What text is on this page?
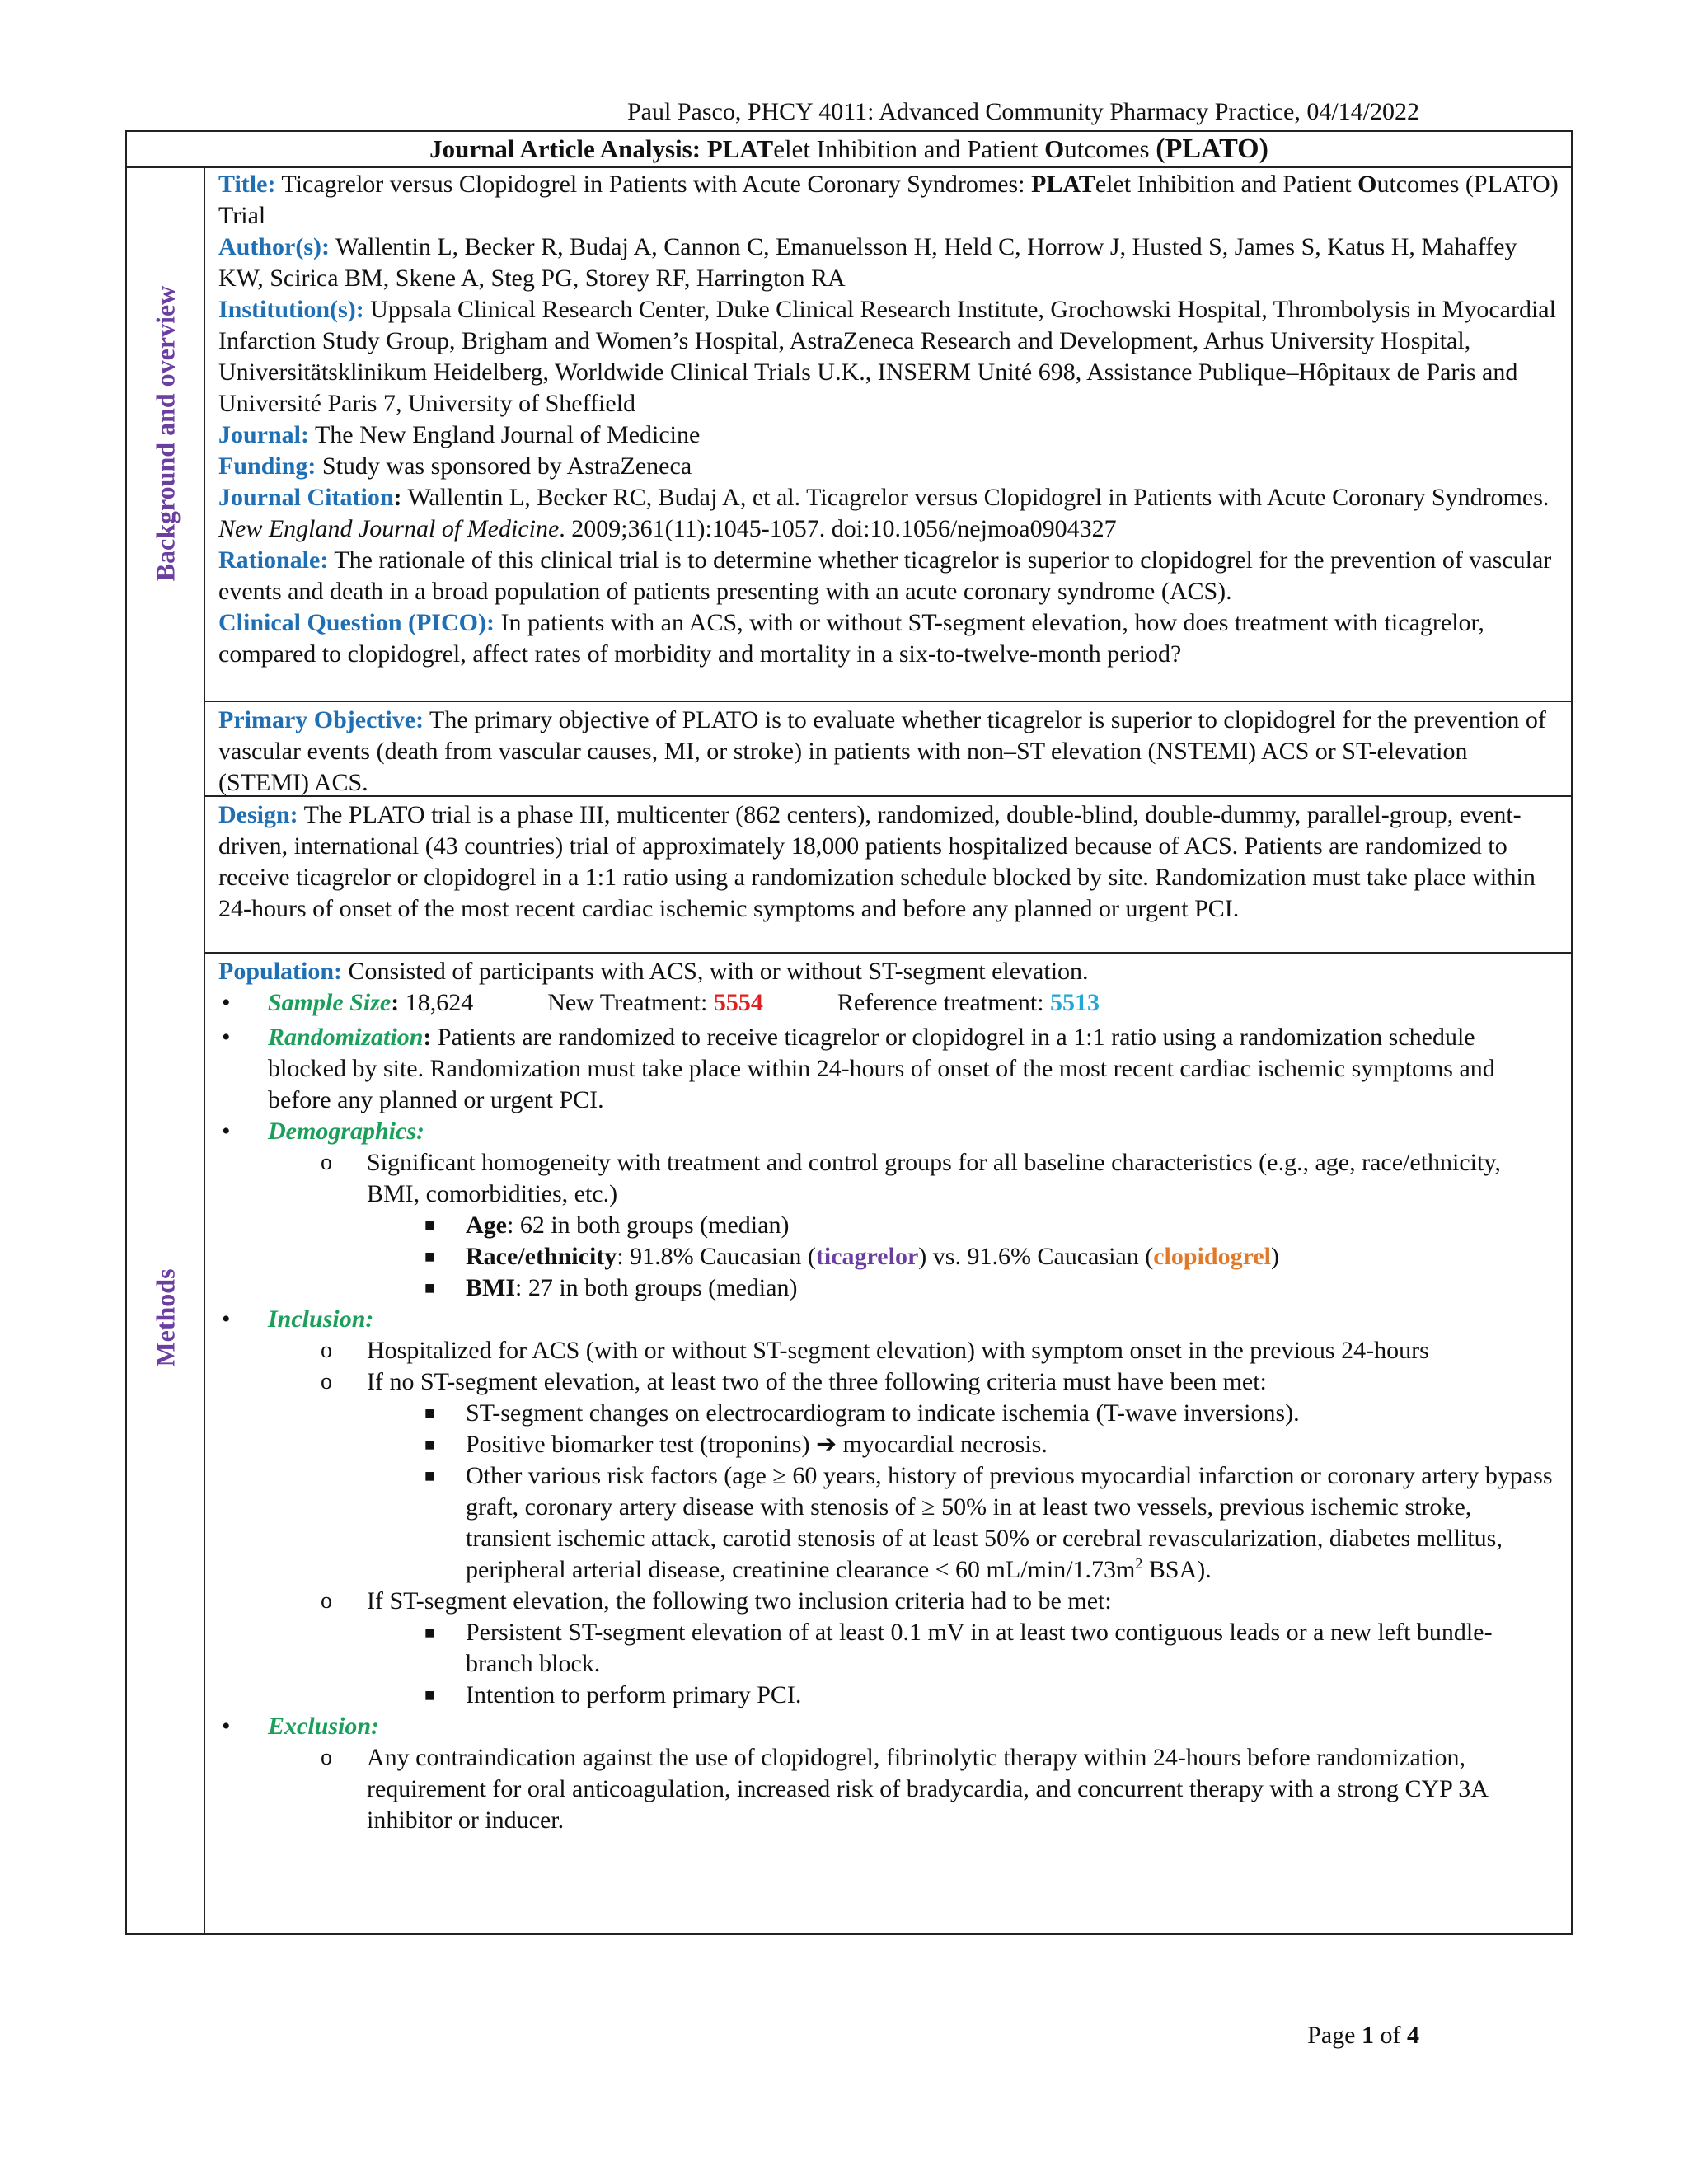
Paul Pasco, PHCY 4011: Advanced Community Pharmacy Practice, 04/14/2022
Journal Article Analysis: PLATelet Inhibition and Patient Outcomes (PLATO)
Background and overview
Methods
Title: Ticagrelor versus Clopidogrel in Patients with Acute Coronary Syndromes: PLATelet Inhibition and Patient Outcomes (PLATO) Trial
Author(s): Wallentin L, Becker R, Budaj A, Cannon C, Emanuelsson H, Held C, Horrow J, Husted S, James S, Katus H, Mahaffey KW, Scirica BM, Skene A, Steg PG, Storey RF, Harrington RA
Institution(s): Uppsala Clinical Research Center, Duke Clinical Research Institute, Grochowski Hospital, Thrombolysis in Myocardial Infarction Study Group, Brigham and Women’s Hospital, AstraZeneca Research and Development, Arhus University Hospital, Universitätsklinikum Heidelberg, Worldwide Clinical Trials U.K., INSERM Unité 698, Assistance Publique–Hôpitaux de Paris and Université Paris 7, University of Sheffield
Journal: The New England Journal of Medicine
Funding: Study was sponsored by AstraZeneca
Journal Citation: Wallentin L, Becker RC, Budaj A, et al. Ticagrelor versus Clopidogrel in Patients with Acute Coronary Syndromes. New England Journal of Medicine. 2009;361(11):1045-1057. doi:10.1056/nejmoa0904327
Rationale: The rationale of this clinical trial is to determine whether ticagrelor is superior to clopidogrel for the prevention of vascular events and death in a broad population of patients presenting with an acute coronary syndrome (ACS).
Clinical Question (PICO): In patients with an ACS, with or without ST-segment elevation, how does treatment with ticagrelor, compared to clopidogrel, affect rates of morbidity and mortality in a six-to-twelve-month period?
Primary Objective: The primary objective of PLATO is to evaluate whether ticagrelor is superior to clopidogrel for the prevention of vascular events (death from vascular causes, MI, or stroke) in patients with non–ST elevation (NSTEMI) ACS or ST-elevation (STEMI) ACS.
Design: The PLATO trial is a phase III, multicenter (862 centers), randomized, double-blind, double-dummy, parallel-group, event-driven, international (43 countries) trial of approximately 18,000 patients hospitalized because of ACS. Patients are randomized to receive ticagrelor or clopidogrel in a 1:1 ratio using a randomization schedule blocked by site. Randomization must take place within 24-hours of onset of the most recent cardiac ischemic symptoms and before any planned or urgent PCI.
Population: Consisted of participants with ACS, with or without ST-segment elevation.
• Sample Size: 18,624	New Treatment: 5554	Reference treatment: 5513
• Randomization: Patients are randomized to receive ticagrelor or clopidogrel in a 1:1 ratio using a randomization schedule blocked by site. Randomization must take place within 24-hours of onset of the most recent cardiac ischemic symptoms and before any planned or urgent PCI.
• Demographics:
o Significant homogeneity with treatment and control groups for all baseline characteristics (e.g., age, race/ethnicity, BMI, comorbidities, etc.)
■ Age: 62 in both groups (median)
■ Race/ethnicity: 91.8% Caucasian (ticagrelor) vs. 91.6% Caucasian (clopidogrel)
■ BMI: 27 in both groups (median)
• Inclusion:
o Hospitalized for ACS (with or without ST-segment elevation) with symptom onset in the previous 24-hours
o If no ST-segment elevation, at least two of the three following criteria must have been met:
■ ST-segment changes on electrocardiogram to indicate ischemia (T-wave inversions).
■ Positive biomarker test (troponins) ➔ myocardial necrosis.
■ Other various risk factors (age ≥ 60 years, history of previous myocardial infarction or coronary artery bypass graft, coronary artery disease with stenosis of ≥ 50% in at least two vessels, previous ischemic stroke, transient ischemic attack, carotid stenosis of at least 50% or cerebral revascularization, diabetes mellitus, peripheral arterial disease, creatinine clearance < 60 $mL/\min/1.73m^2$ BSA).
o If ST-segment elevation, the following two inclusion criteria had to be met:
■ Persistent ST-segment elevation of at least 0.1 mV in at least two contiguous leads or a new left bundle-branch block.
■ Intention to perform primary PCI.
• Exclusion:
o Any contraindication against the use of clopidogrel, fibrinolytic therapy within 24-hours before randomization, requirement for oral anticoagulation, increased risk of bradycardia, and concurrent therapy with a strong CYP 3A inhibitor or inducer.
Page 1 of 4
